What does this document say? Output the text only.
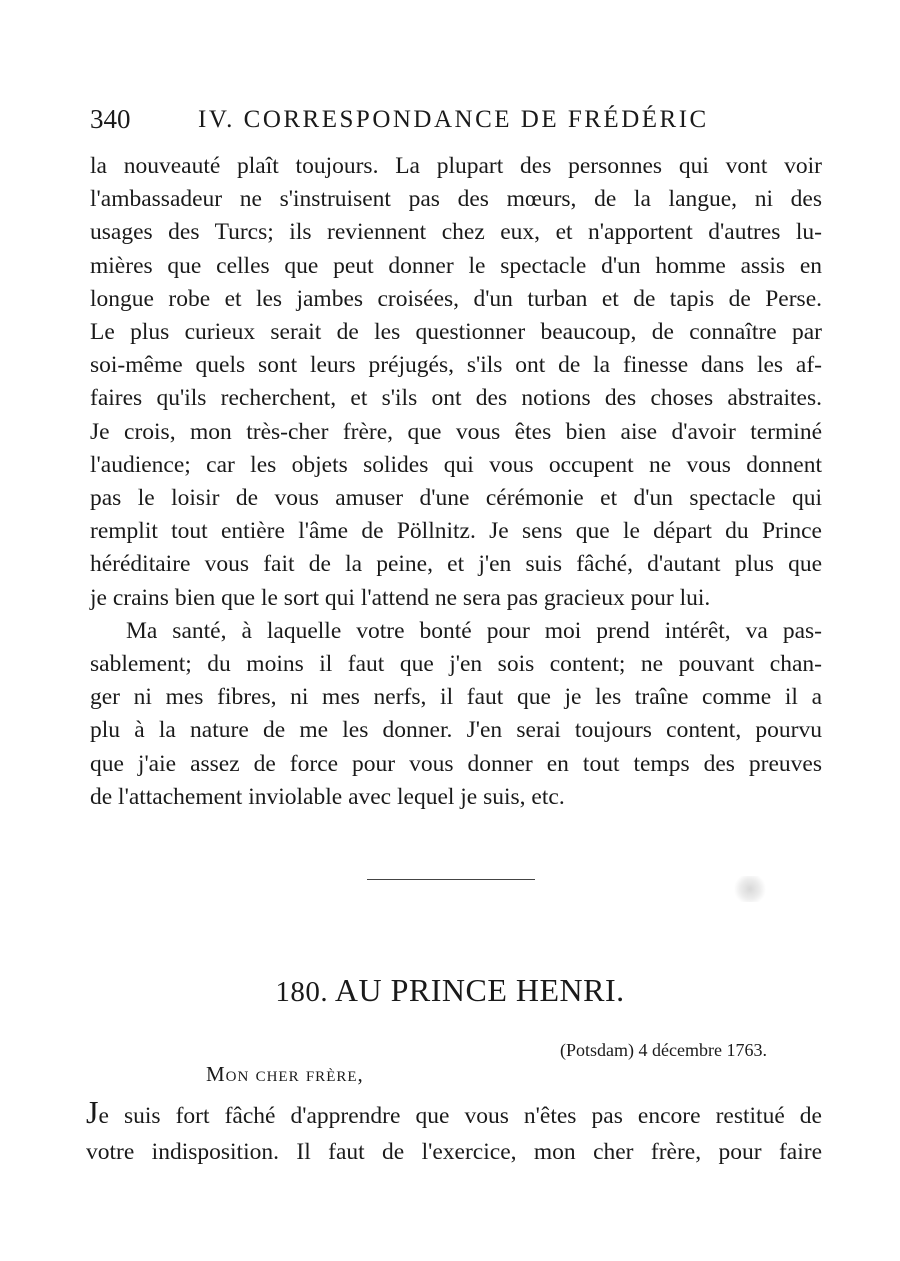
340	IV. CORRESPONDANCE DE FRÉDÉRIC
la nouveauté plaît toujours. La plupart des personnes qui vont voir
l'ambassadeur ne s'instruisent pas des mœurs, de la langue, ni des
usages des Turcs; ils reviennent chez eux, et n'apportent d'autres lu-
mières que celles que peut donner le spectacle d'un homme assis en
longue robe et les jambes croisées, d'un turban et de tapis de Perse.
Le plus curieux serait de les questionner beaucoup, de connaître par
soi-même quels sont leurs préjugés, s'ils ont de la finesse dans les af-
faires qu'ils recherchent, et s'ils ont des notions des choses abstraites.
Je crois, mon très-cher frère, que vous êtes bien aise d'avoir terminé
l'audience; car les objets solides qui vous occupent ne vous donnent
pas le loisir de vous amuser d'une cérémonie et d'un spectacle qui
remplit tout entière l'âme de Pöllnitz. Je sens que le départ du Prince
héréditaire vous fait de la peine, et j'en suis fâché, d'autant plus que
je crains bien que le sort qui l'attend ne sera pas gracieux pour lui.
Ma santé, à laquelle votre bonté pour moi prend intérêt, va pas-
sablement; du moins il faut que j'en sois content; ne pouvant chan-
ger ni mes fibres, ni mes nerfs, il faut que je les traîne comme il a
plu à la nature de me les donner. J'en serai toujours content, pourvu
que j'aie assez de force pour vous donner en tout temps des preuves
de l'attachement inviolable avec lequel je suis, etc.
180. AU PRINCE HENRI.
(Potsdam) 4 décembre 1763.
Mon cher frère,
Je suis fort fâché d'apprendre que vous n'êtes pas encore restitué de
votre indisposition. Il faut de l'exercice, mon cher frère, pour faire
